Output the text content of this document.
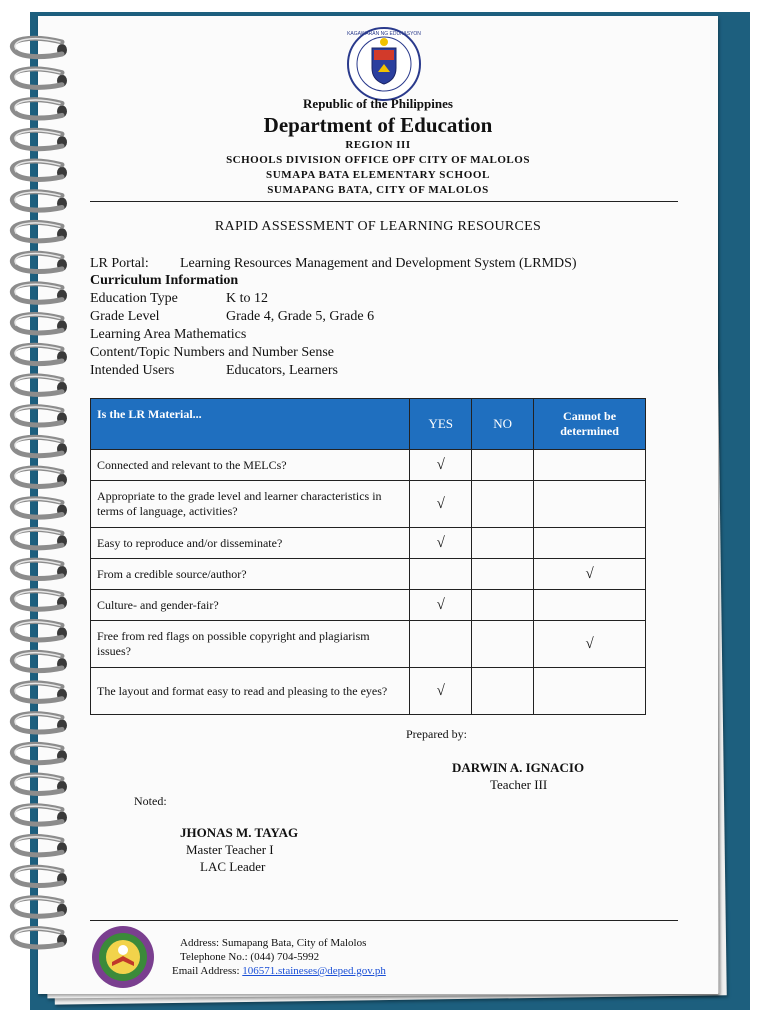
KAGAWARAN NG EDUKASYON
Republic of the Philippines
Department of Education
REGION III
SCHOOLS DIVISION OFFICE OPF CITY OF MALOLOS
SUMAPA BATA ELEMENTARY SCHOOL
SUMAPANG BATA, CITY OF MALOLOS
RAPID ASSESSMENT OF LEARNING RESOURCES
LR Portal: Learning Resources Management and Development System (LRMDS)
Curriculum Information
Education Type	K to 12
Grade Level	Grade 4, Grade 5, Grade 6
Learning Area Mathematics
Content/Topic Numbers and Number Sense
Intended Users	Educators, Learners
Is the LR Material...	YES	NO	Cannot be determined
Connected and relevant to the MELCs?	√		
Appropriate to the grade level and learner characteristics in terms of language, activities?	√		
Easy to reproduce and/or disseminate?	√		
From a credible source/author?			√
Culture- and gender-fair?	√		
Free from red flags on possible copyright and plagiarism issues?			√
The layout and format easy to read and pleasing to the eyes?	√		
Prepared by:
DARWIN A. IGNACIO
Teacher III
Noted:
JHONAS M. TAYAG
Master Teacher I
LAC Leader
Address: Sumapang Bata, City of Malolos
Telephone No.: (044) 704-5992
Email Address: 106571.staineses@deped.gov.ph
